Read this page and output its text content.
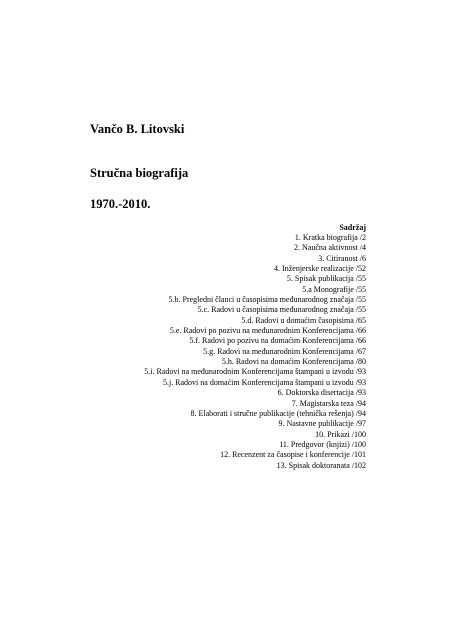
Vančo B. Litovski
Stručna biografija
1970.-2010.
Sadržaj
1. Kratka biografija /2
2. Naučna aktivnost /4
3. Citiranost /6
4. Inženjerske realizacije /52
5. Spisak publikacija /55
5.a Monografije /55
5.b. Pregledni članci u časopisima međunarodnog značaja /55
5.c. Radovi u časopisima međunarodnog značaja /55
5.d. Radovi u domaćim časopisima /65
5.e. Radovi po pozivu na međunarodnim Konferencijama /66
5.f. Radovi po pozivu na domaćim Konferencijama /66
5.g. Radovi na međunarodnim Konferencijama /67
5.h. Radovi na domaćim Konferencijama /80
5.i. Radovi na međunarodnim Konferencijama štampani u izvodu /93
5.j. Radovi na domaćim Konferencijama štampani u izvodu /93
6. Doktorska disertacija /93
7. Magistarska teza /94
8. Elaborati i stručne publikacije (tehnička rešenja) /94
9. Nastavne publikacije /97
10. Prikazi /100
11. Predgovor (knjizi) /100
12. Recenzent za časopise i konferencije /101
13. Spisak doktoranata /102
